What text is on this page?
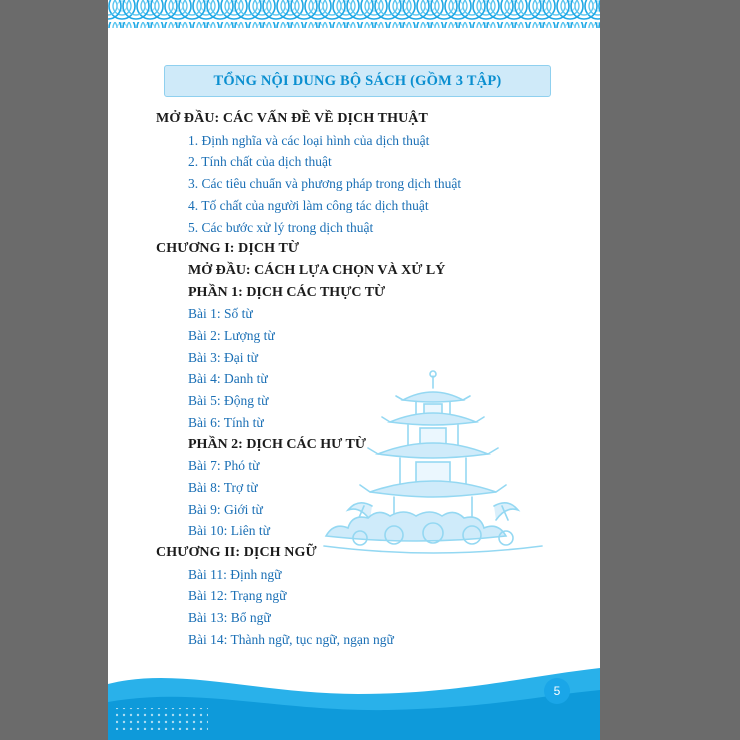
TỔNG NỘI DUNG BỘ SÁCH (GỒM 3 TẬP)
MỞ ĐẦU: CÁC VẤN ĐỀ VỀ DỊCH THUẬT
1. Định nghĩa và các loại hình của dịch thuật
2. Tính chất của dịch thuật
3. Các tiêu chuẩn và phương pháp trong dịch thuật
4. Tố chất của người làm công tác dịch thuật
5. Các bước xử lý trong dịch thuật
CHƯƠNG I: DỊCH TỪ
MỞ ĐẦU: CÁCH LỰA CHỌN VÀ XỬ LÝ
PHẦN 1: DỊCH CÁC THỰC TỪ
Bài 1: Số từ
Bài 2: Lượng từ
Bài 3: Đại từ
Bài 4: Danh từ
Bài 5: Động từ
Bài 6: Tính từ
PHẦN 2: DỊCH CÁC HƯ TỪ
Bài 7: Phó từ
Bài 8: Trợ từ
Bài 9: Giới từ
Bài 10: Liên từ
CHƯƠNG II: DỊCH NGỮ
Bài 11: Định ngữ
Bài 12: Trạng ngữ
Bài 13: Bổ ngữ
Bài 14: Thành ngữ, tục ngữ, ngạn ngữ
5
